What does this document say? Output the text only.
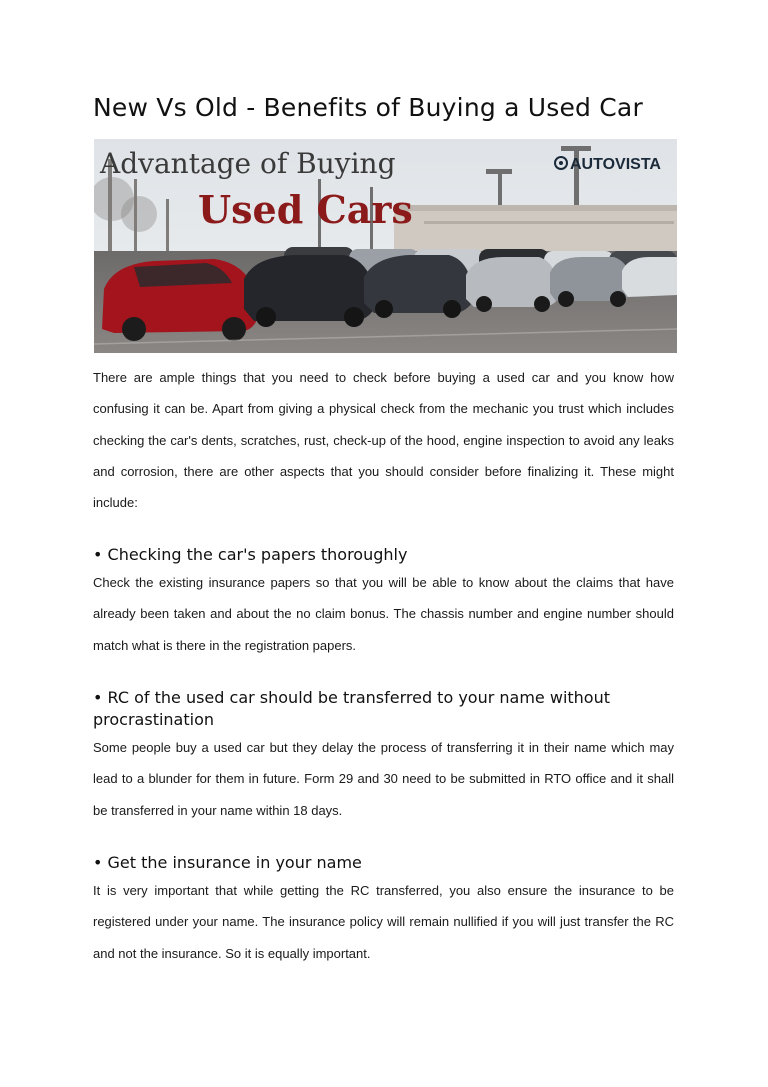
New Vs Old - Benefits of Buying a Used Car
Advantage of Buying
Used Cars
AUTOVISTA

There are ample things that you need to check before buying a used car and you know how confusing it can be. Apart from giving a physical check from the mechanic you trust which includes checking the car's dents, scratches, rust, check-up of the hood, engine inspection to avoid any leaks and corrosion, there are other aspects that you should consider before finalizing it. These might include:

• Checking the car's papers thoroughly

Check the existing insurance papers so that you will be able to know about the claims that have already been taken and about the no claim bonus. The chassis number and engine number should match what is there in the registration papers.

• RC of the used car should be transferred to your name without procrastination

Some people buy a used car but they delay the process of transferring it in their name which may lead to a blunder for them in future. Form 29 and 30 need to be submitted in RTO office and it shall be transferred in your name within 18 days.

• Get the insurance in your name

It is very important that while getting the RC transferred, you also ensure the insurance to be registered under your name. The insurance policy will remain nullified if you will just transfer the RC and not the insurance. So it is equally important.
